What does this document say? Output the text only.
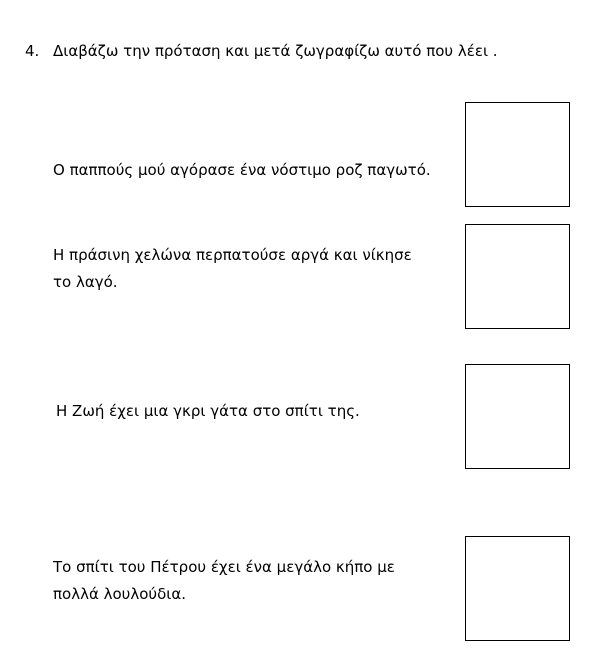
4. Διαβάζω την πρόταση και μετά ζωγραφίζω αυτό που λέει .
Ο παππούς μού αγόρασε ένα νόστιμο ροζ παγωτό.
Η πράσινη χελώνα περπατούσε αργά και νίκησε
το λαγό.
Η Ζωή έχει μια γκρι γάτα στο σπίτι της.
Το σπίτι του Πέτρου έχει ένα μεγάλο κήπο με
πολλά λουλούδια.
